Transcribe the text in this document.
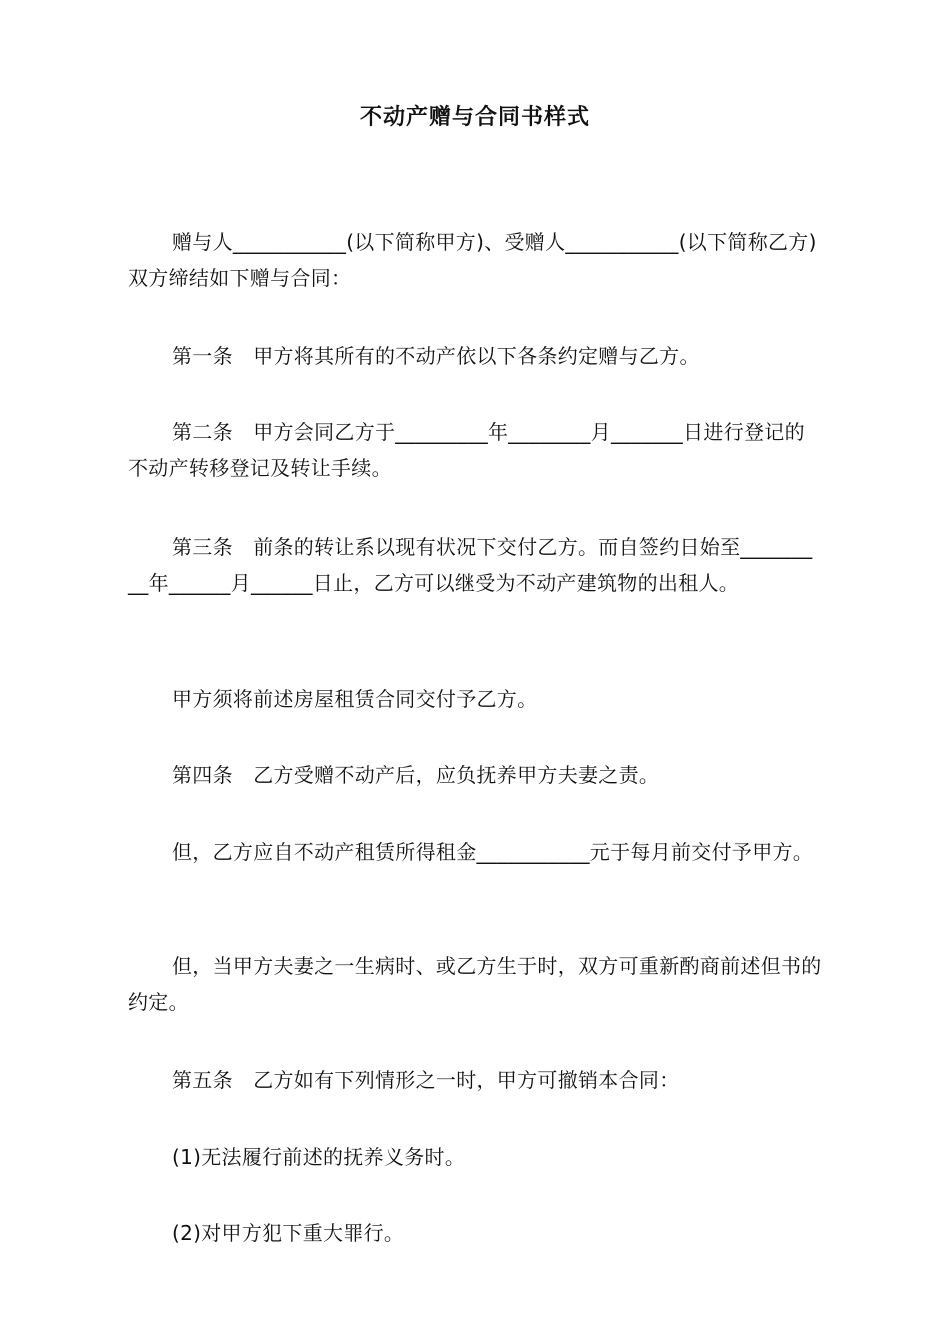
不动产赠与合同书样式
赠与人___________(以下简称甲方)、受赠人___________(以下简称乙方)双方缔结如下赠与合同：
第一条　甲方将其所有的不动产依以下各条约定赠与乙方。
第二条　甲方会同乙方于_________年________月_______日进行登记的不动产转移登记及转让手续。
第三条　前条的转让系以现有状况下交付乙方。而自签约日始至_________年______月______日止，乙方可以继受为不动产建筑物的出租人。
甲方须将前述房屋租赁合同交付予乙方。
第四条　乙方受赠不动产后，应负抚养甲方夫妻之责。
但，乙方应自不动产租赁所得租金___________元于每月前交付予甲方。
但，当甲方夫妻之一生病时、或乙方生于时，双方可重新酌商前述但书的约定。
第五条　乙方如有下列情形之一时，甲方可撤销本合同：
(1)无法履行前述的抚养义务时。
(2)对甲方犯下重大罪行。
